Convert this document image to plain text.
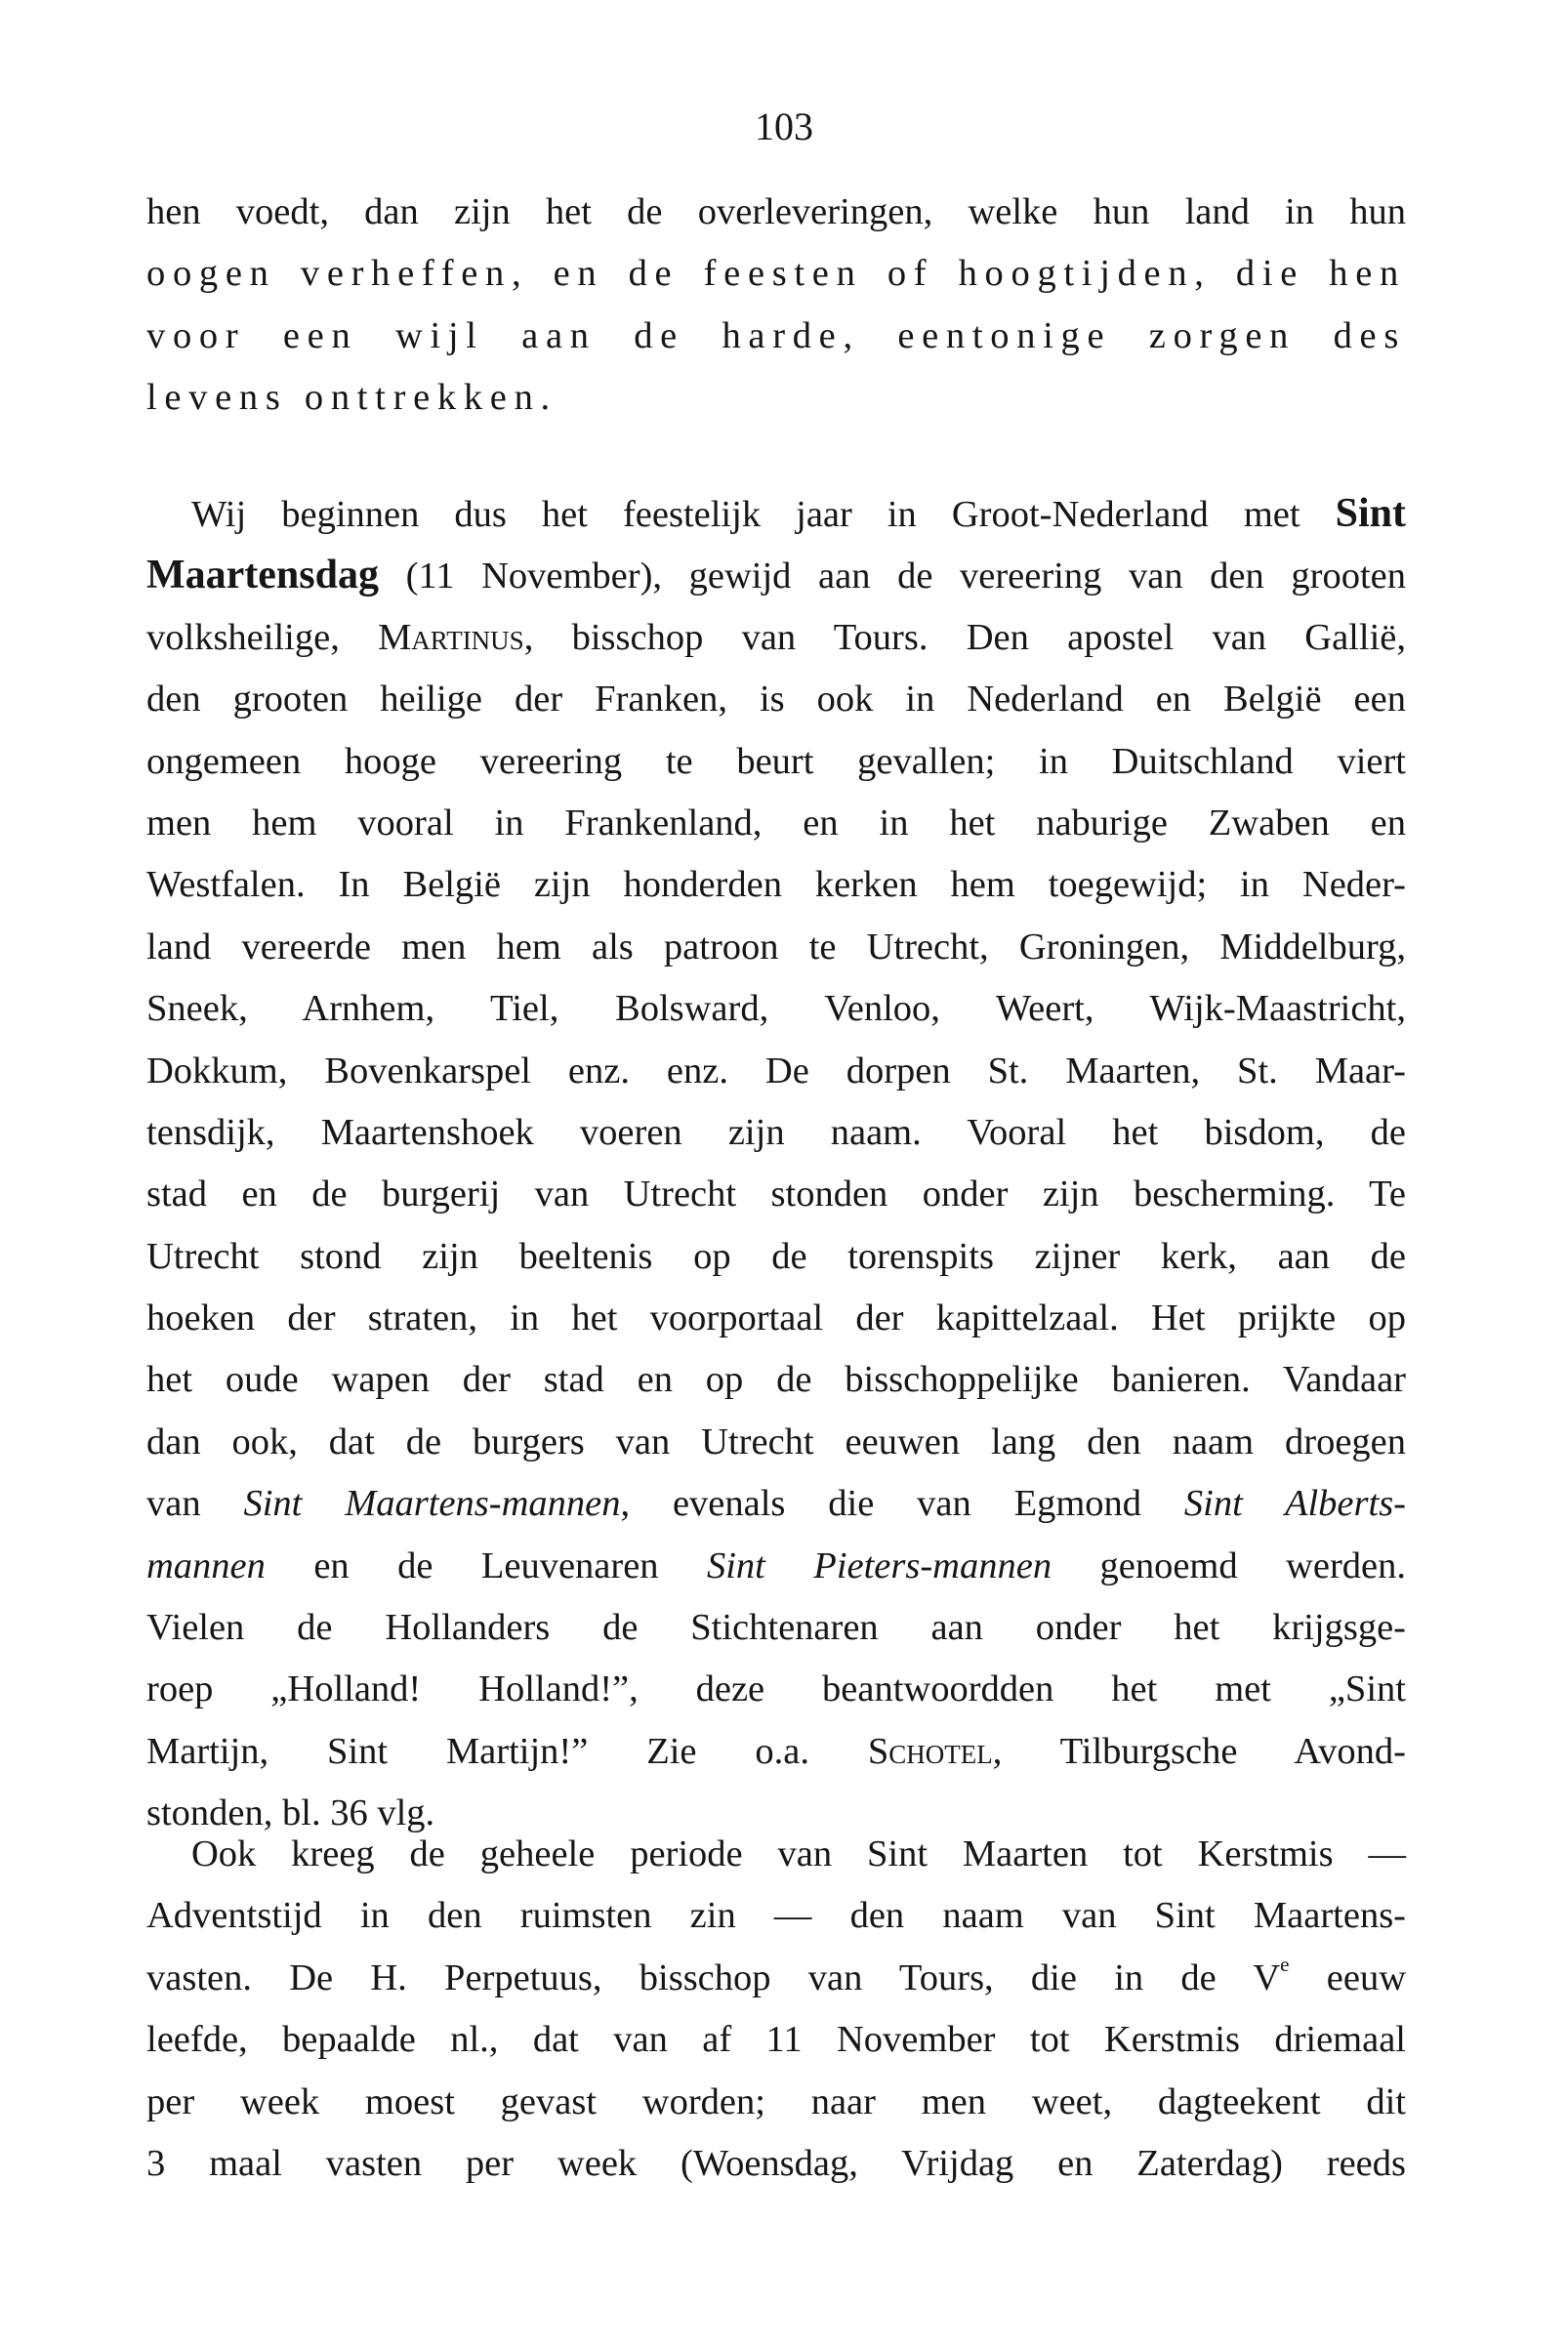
103
hen voedt, dan zijn het de overleveringen, welke hun land in hun
oogen verheffen, en de feesten of hoogtijden, die hen
voor een wijl aan de harde, eentonige zorgen des
levens onttrekken.
Wij beginnen dus het feestelijk jaar in Groot-Nederland met Sint
Maartensdag (11 November), gewijd aan de vereering van den grooten
volksheilige, Martinus, bisschop van Tours. Den apostel van Galliё,
den grooten heilige der Franken, is ook in Nederland en België een
ongemeen hooge vereering te beurt gevallen; in Duitschland viert
men hem vooral in Frankenland, en in het naburige Zwaben en
Westfalen. In België zijn honderden kerken hem toegewijd; in Neder-
land vereerde men hem als patroon te Utrecht, Groningen, Middelburg,
Sneek, Arnhem, Tiel, Bolsward, Venloo, Weert, Wijk-Maastricht,
Dokkum, Bovenkarspel enz. enz. De dorpen St. Maarten, St. Maar-
tensdijk, Maartenshoek voeren zijn naam. Vooral het bisdom, de
stad en de burgerij van Utrecht stonden onder zijn bescherming. Te
Utrecht stond zijn beeltenis op de torenspits zijner kerk, aan de
hoeken der straten, in het voorportaal der kapittelzaal. Het prijkte op
het oude wapen der stad en op de bisschoppelijke banieren. Vandaar
dan ook, dat de burgers van Utrecht eeuwen lang den naam droegen
van Sint Maartens-mannen, evenals die van Egmond Sint Alberts-
mannen en de Leuvenaren Sint Pieters-mannen genoemd werden.
Vielen de Hollanders de Stichtenaren aan onder het krijgsge-
roep „Holland! Holland!”, deze beantwoordden het met „Sint
Martijn, Sint Martijn!” Zie o.a. Schotel, Tilburgsche Avond-
stonden, bl. 36 vlg.
Ook kreeg de geheele periode van Sint Maarten tot Kerstmis —
Adventstijd in den ruimsten zin — den naam van Sint Maartens-
vasten. De H. Perpetuus, bisschop van Tours, die in de Ve eeuw
leefde, bepaalde nl., dat van af 11 November tot Kerstmis driemaal
per week moest gevast worden; naar men weet, dagteekent dit
3 maal vasten per week (Woensdag, Vrijdag en Zaterdag) reeds
